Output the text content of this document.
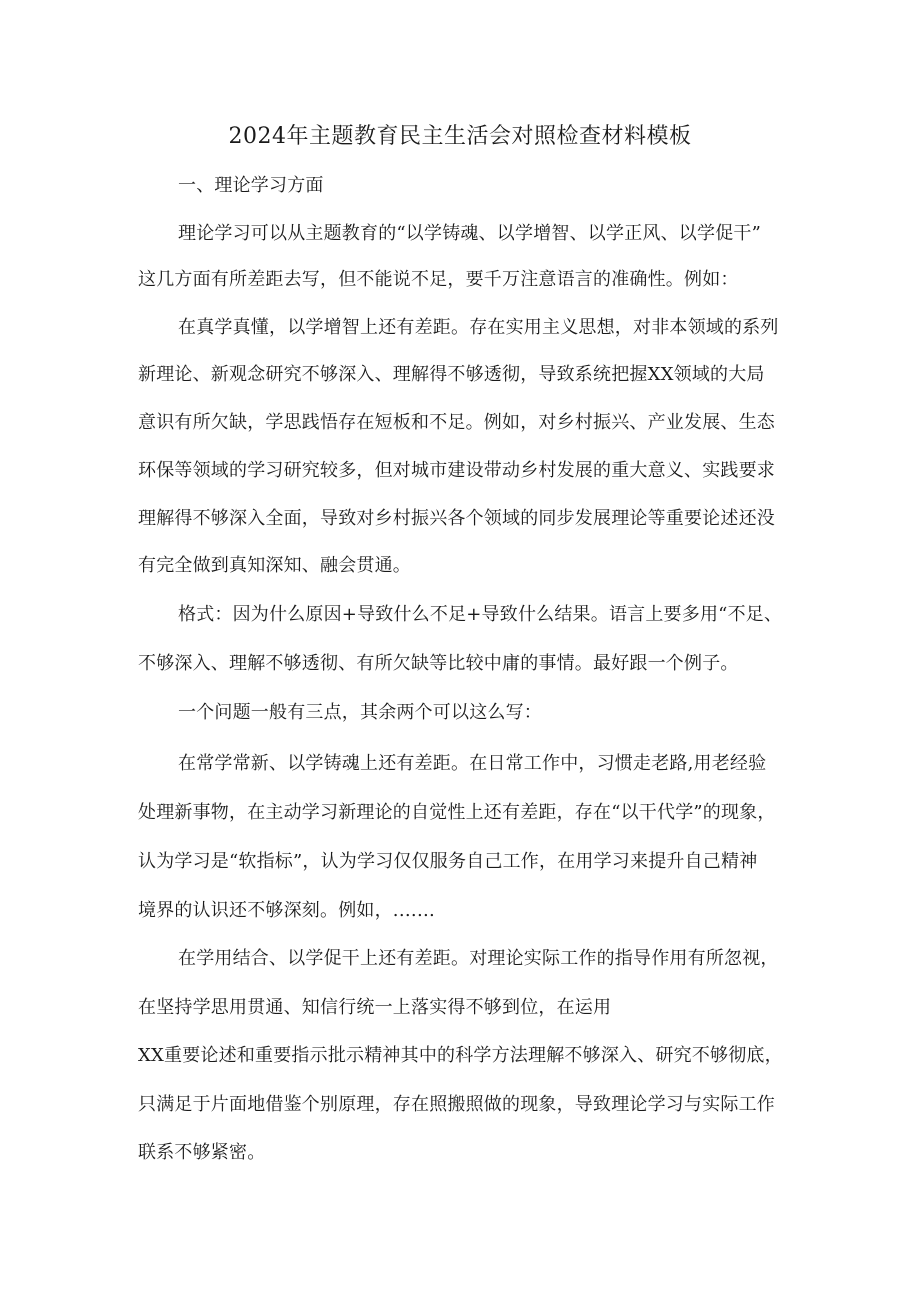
2024年主题教育民主生活会对照检查材料模板
一、理论学习方面
理论学习可以从主题教育的“以学铸魂、以学增智、以学正风、以学促干”
这几方面有所差距去写，但不能说不足，要千万注意语言的准确性。例如：
在真学真懂，以学增智上还有差距。存在实用主义思想，对非本领域的系列
新理论、新观念研究不够深入、理解得不够透彻，导致系统把握XX领域的大局
意识有所欠缺，学思践悟存在短板和不足。例如，对乡村振兴、产业发展、生态
环保等领域的学习研究较多，但对城市建设带动乡村发展的重大意义、实践要求
理解得不够深入全面，导致对乡村振兴各个领域的同步发展理论等重要论述还没
有完全做到真知深知、融会贯通。
格式：因为什么原因+导致什么不足+导致什么结果。语言上要多用“不足、
不够深入、理解不够透彻、有所欠缺等比较中庸的事情。最好跟一个例子。
一个问题一般有三点，其余两个可以这么写：
在常学常新、以学铸魂上还有差距。在日常工作中，习惯走老路,用老经验
处理新事物，在主动学习新理论的自觉性上还有差距，存在“以干代学”的现象，
认为学习是“软指标”，认为学习仅仅服务自己工作，在用学习来提升自己精神
境界的认识还不够深刻。例如，.……
在学用结合、以学促干上还有差距。对理论实际工作的指导作用有所忽视，
在坚持学思用贯通、知信行统一上落实得不够到位，在运用
XX重要论述和重要指示批示精神其中的科学方法理解不够深入、研究不够彻底，
只满足于片面地借鉴个别原理，存在照搬照做的现象，导致理论学习与实际工作
联系不够紧密。
